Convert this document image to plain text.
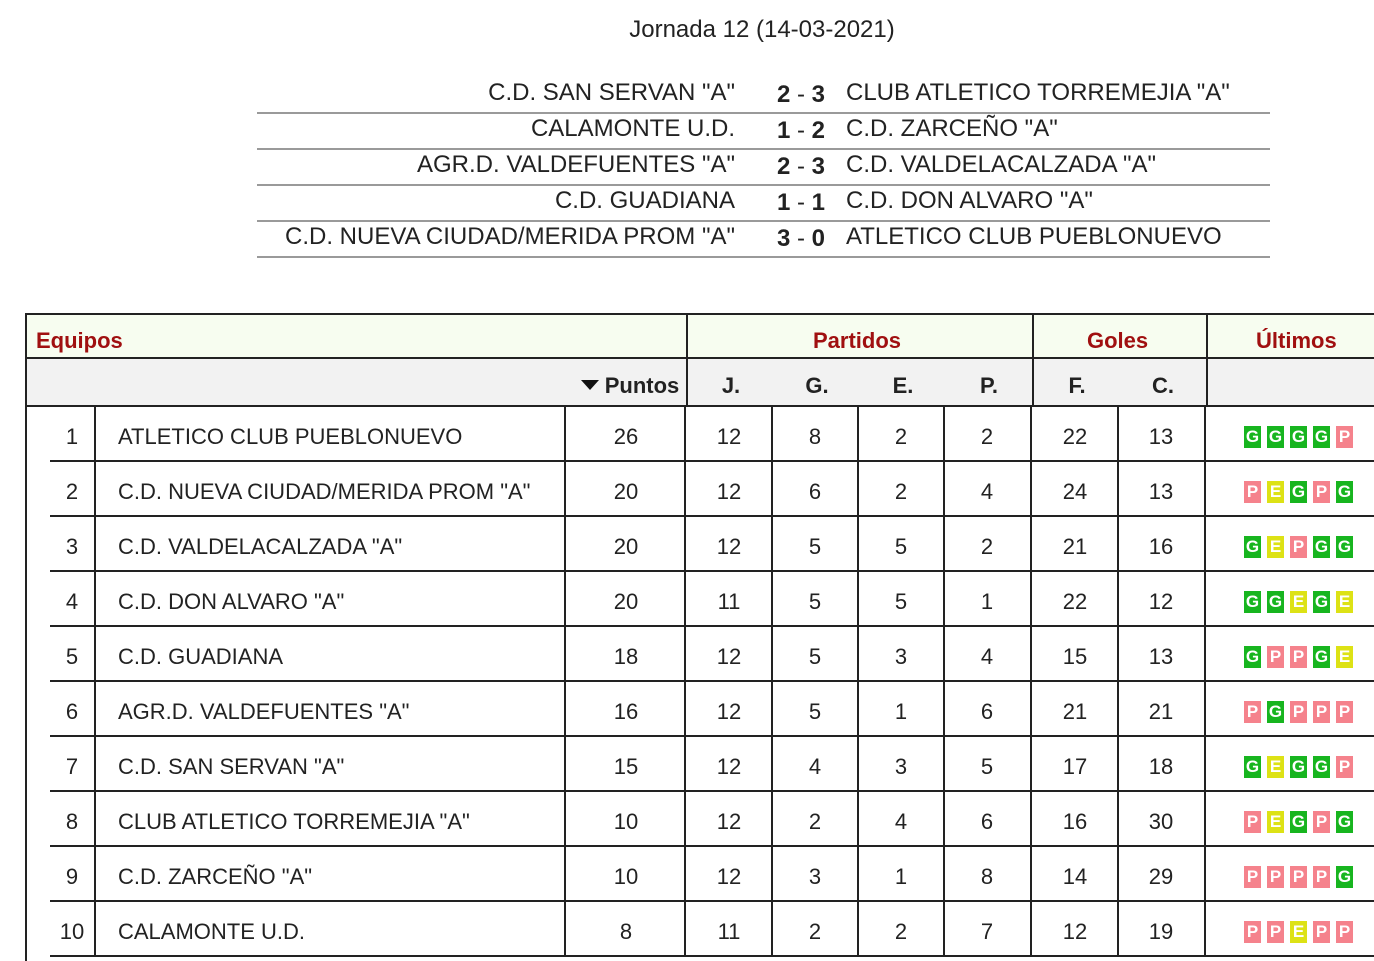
Jornada 12 (14-03-2021)
C.D. SAN SERVAN "A"	2 - 3 CLUB ATLETICO TORREMEJIA "A"
CALAMONTE U.D.	1 - 2 C.D. ZARCEÑO "A"
AGR.D. VALDEFUENTES "A"	2 - 3 C.D. VALDELACALZADA "A"
C.D. GUADIANA	1 - 1 C.D. DON ALVARO "A"
C.D. NUEVA CIUDAD/MERIDA PROM "A"	3 - 0 ATLETICO CLUB PUEBLONUEVO
Equipos	Partidos	Goles	Últimos
Puntos	J.	G.	E.	P.	F.	C.
1	ATLETICO CLUB PUEBLONUEVO	26	12	8	2	2	22	13	G G G G P
2	C.D. NUEVA CIUDAD/MERIDA PROM "A"	20	12	6	2	4	24	13	P E G P G
3	C.D. VALDELACALZADA "A"	20	12	5	5	2	21	16	G E P G G
4	C.D. DON ALVARO "A"	20	11	5	5	1	22	12	G G E G E
5	C.D. GUADIANA	18	12	5	3	4	15	13	G P P G E
6	AGR.D. VALDEFUENTES "A"	16	12	5	1	6	21	21	P G P P P
7	C.D. SAN SERVAN "A"	15	12	4	3	5	17	18	G E G G P
8	CLUB ATLETICO TORREMEJIA "A"	10	12	2	4	6	16	30	P E G P G
9	C.D. ZARCEÑO "A"	10	12	3	1	8	14	29	P P P P G
10	CALAMONTE U.D.	8	11	2	2	7	12	19	P P E P P
